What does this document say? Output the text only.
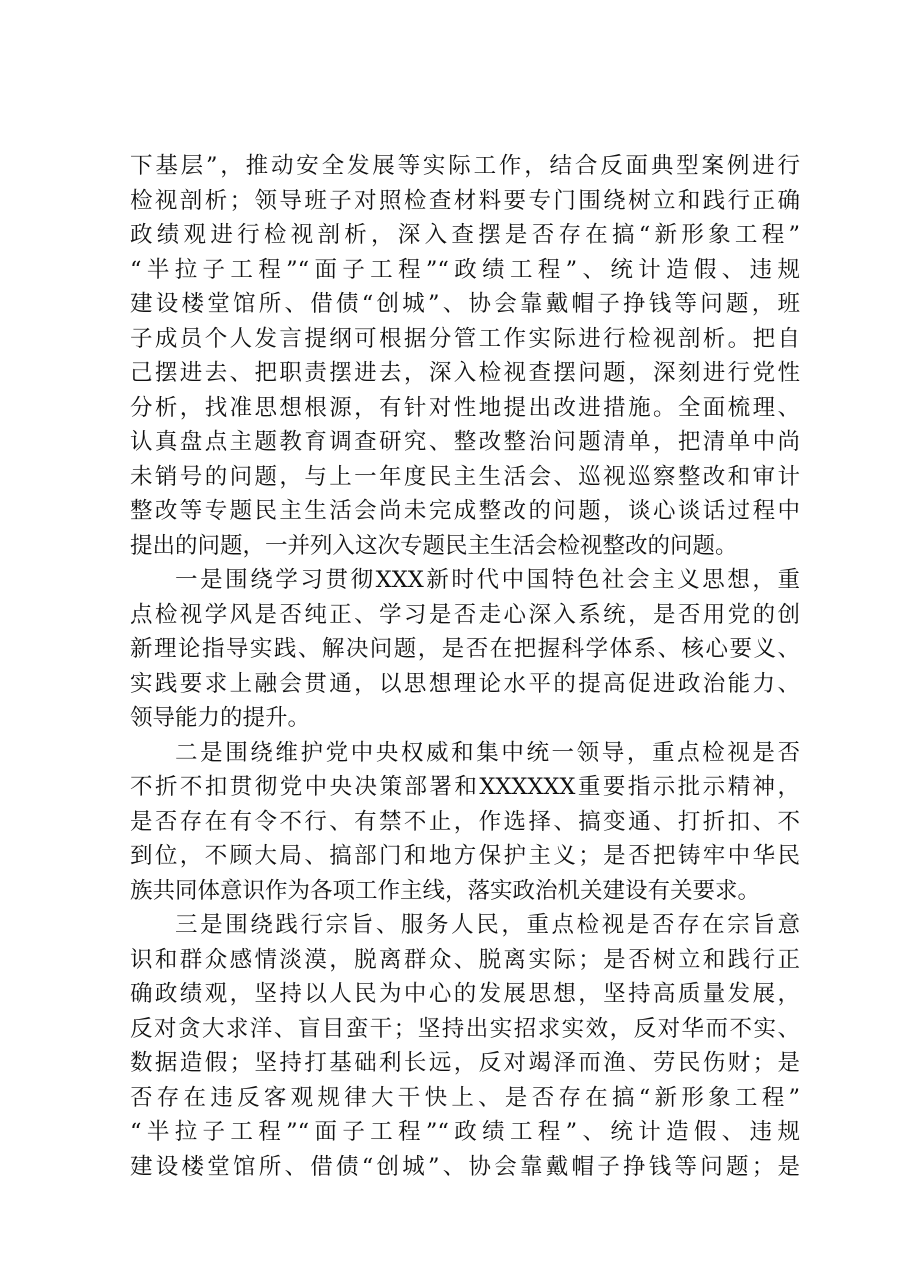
下基层”，推动安全发展等实际工作，结合反面典型案例进行
检视剖析；领导班子对照检查材料要专门围绕树立和践行正确
政绩观进行检视剖析，深入查摆是否存在搞“新形象工程”
“半拉子工程”“面子工程”“政绩工程”、统计造假、违规
建设楼堂馆所、借债“创城”、协会靠戴帽子挣钱等问题，班
子成员个人发言提纲可根据分管工作实际进行检视剖析。把自
己摆进去、把职责摆进去，深入检视查摆问题，深刻进行党性
分析，找准思想根源，有针对性地提出改进措施。全面梳理、
认真盘点主题教育调查研究、整改整治问题清单，把清单中尚
未销号的问题，与上一年度民主生活会、巡视巡察整改和审计
整改等专题民主生活会尚未完成整改的问题，谈心谈话过程中
提出的问题，一并列入这次专题民主生活会检视整改的问题。
一是围绕学习贯彻XXX新时代中国特色社会主义思想，重
点检视学风是否纯正、学习是否走心深入系统，是否用党的创
新理论指导实践、解决问题，是否在把握科学体系、核心要义、
实践要求上融会贯通，以思想理论水平的提高促进政治能力、
领导能力的提升。
二是围绕维护党中央权威和集中统一领导，重点检视是否
不折不扣贯彻党中央决策部署和XXXXXX重要指示批示精神，
是否存在有令不行、有禁不止，作选择、搞变通、打折扣、不
到位，不顾大局、搞部门和地方保护主义；是否把铸牢中华民
族共同体意识作为各项工作主线，落实政治机关建设有关要求。
三是围绕践行宗旨、服务人民，重点检视是否存在宗旨意
识和群众感情淡漠，脱离群众、脱离实际；是否树立和践行正
确政绩观，坚持以人民为中心的发展思想，坚持高质量发展，
反对贪大求洋、盲目蛮干；坚持出实招求实效，反对华而不实、
数据造假；坚持打基础利长远，反对竭泽而渔、劳民伤财；是
否存在违反客观规律大干快上、是否存在搞“新形象工程”
“半拉子工程”“面子工程”“政绩工程”、统计造假、违规
建设楼堂馆所、借债“创城”、协会靠戴帽子挣钱等问题；是
